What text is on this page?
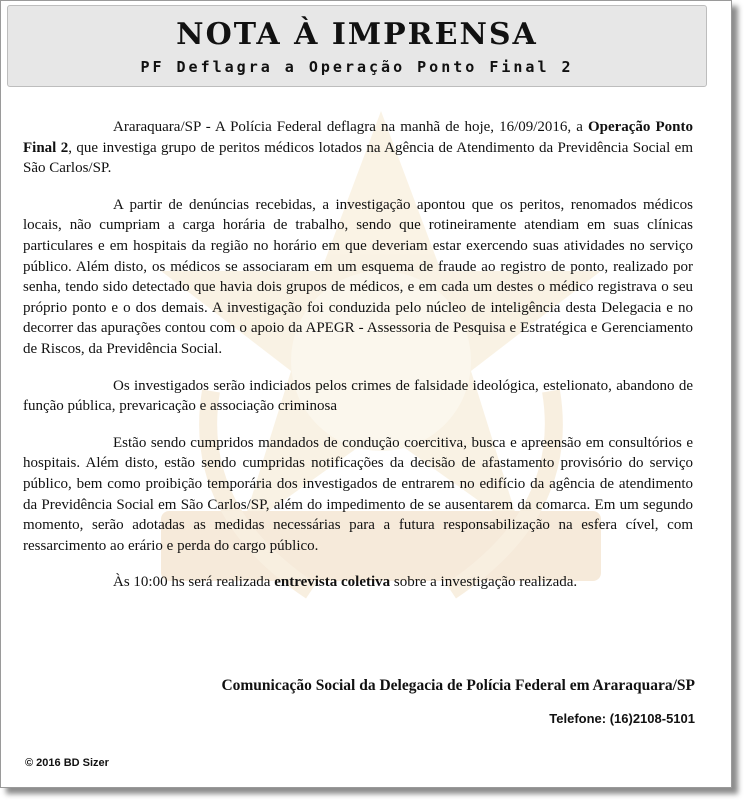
NOTA À IMPRENSA
PF Deflagra a Operação Ponto Final 2

Araraquara/SP - A Polícia Federal deflagra na manhã de hoje, 16/09/2016, a Operação Ponto Final 2, que investiga grupo de peritos médicos lotados na Agência de Atendimento da Previdência Social em São Carlos/SP.

A partir de denúncias recebidas, a investigação apontou que os peritos, renomados médicos locais, não cumpriam a carga horária de trabalho, sendo que rotineiramente atendiam em suas clínicas particulares e em hospitais da região no horário em que deveriam estar exercendo suas atividades no serviço público. Além disto, os médicos se associaram em um esquema de fraude ao registro de ponto, realizado por senha, tendo sido detectado que havia dois grupos de médicos, e em cada um destes o médico registrava o seu próprio ponto e o dos demais. A investigação foi conduzida pelo núcleo de inteligência desta Delegacia e no decorrer das apurações contou com o apoio da APEGR - Assessoria de Pesquisa e Estratégica e Gerenciamento de Riscos, da Previdência Social.

Os investigados serão indiciados pelos crimes de falsidade ideológica, estelionato, abandono de função pública, prevaricação e associação criminosa

Estão sendo cumpridos mandados de condução coercitiva, busca e apreensão em consultórios e hospitais. Além disto, estão sendo cumpridas notificações da decisão de afastamento provisório do serviço público, bem como proibição temporária dos investigados de entrarem no edifício da agência de atendimento da Previdência Social em São Carlos/SP, além do impedimento de se ausentarem da comarca. Em um segundo momento, serão adotadas as medidas necessárias para a futura responsabilização na esfera cível, com ressarcimento ao erário e perda do cargo público.

Às 10:00 hs será realizada entrevista coletiva sobre a investigação realizada.

Comunicação Social da Delegacia de Polícia Federal em Araraquara/SP
Telefone: (16)2108-5101
© 2016 BD Sizer
